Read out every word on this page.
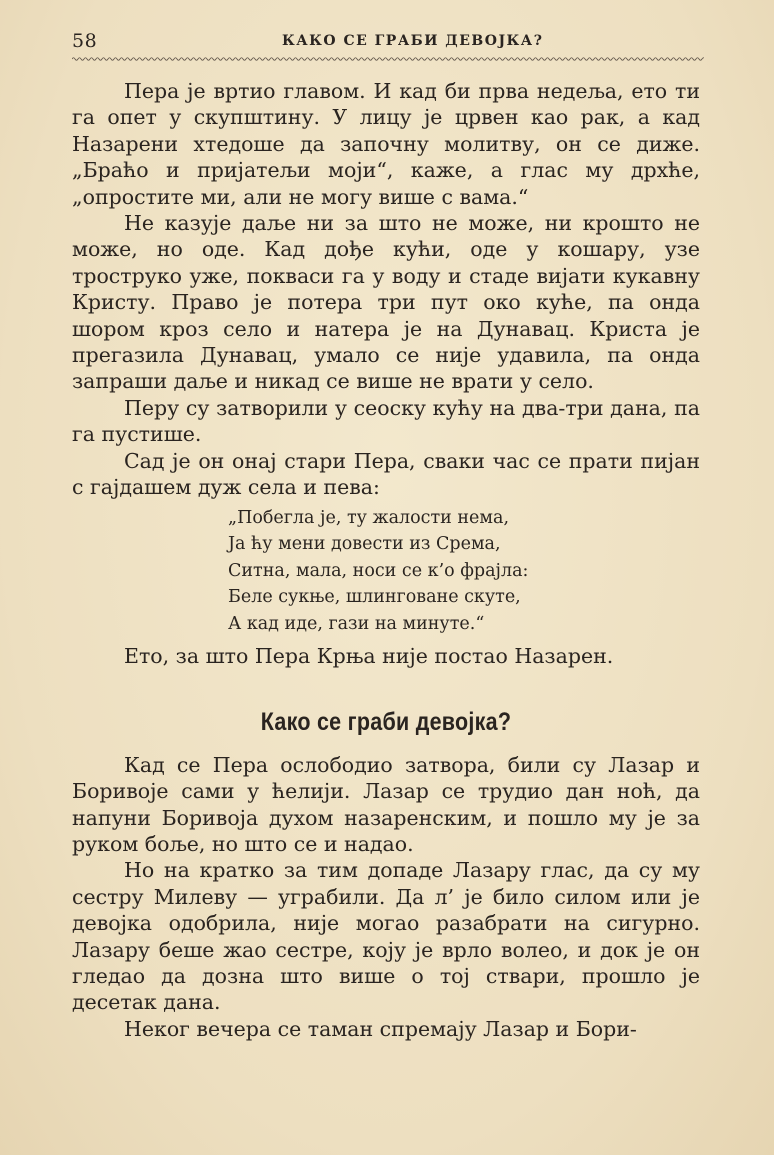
58	КАКО СЕ ГРАБИ ДЕВОЈКА?

Пера је вртио главом. И кад би прва недеља, ето ти га опет у скупштину. У лицу је црвен као рак, а кад Назарени хтедоше да започну молитву, он се диже. „Браћо и пријатељи моји“, каже, а глас му дрхће, „опростите ми, али не могу више с вама.“

Не казује даље ни за што не може, ни крошто не може, но оде. Кад дође кући, оде у кошару, узе троструко уже, покваси га у воду и стаде вијати кукавну Кристу. Право је потера три пут око куће, па онда шором кроз село и натера је на Дунавац. Криста је прегазила Дунавац, умало се није удавила, па онда запраши даље и никад се више не врати у село.

Перу су затворили у сеоску кућу на два-три дана, па га пустише.

Сад је он онај стари Пера, сваки час се прати пијан с гајдашем дуж села и пева:

„Побегла је, ту жалости нема,
Ја ћу мени довести из Срема,
Ситна, мала, носи се к’о фрајла:
Беле сукње, шлинговане скуте,
А кад иде, гази на минуте.“

Ето, за што Пера Крња није постао Назарен.

Како се граби девојка?

Кад се Пера ослободио затвора, били су Лазар и Боривоје сами у ћелији. Лазар се трудио дан ноћ, да напуни Боривоја духом назаренским, и пошло му је за руком боље, но што се и надао.

Но на кратко за тим допаде Лазару глас, да су му сестру Милеву — уграбили. Да л’ је било силом или је девојка одобрила, није могао разабрати на сигурно. Лазару беше жао сестре, коју је врло волео, и док је он гледао да дозна што више о тој ствари, прошло је десетак дана.

Неког вечера се таман спремају Лазар и Бори-
